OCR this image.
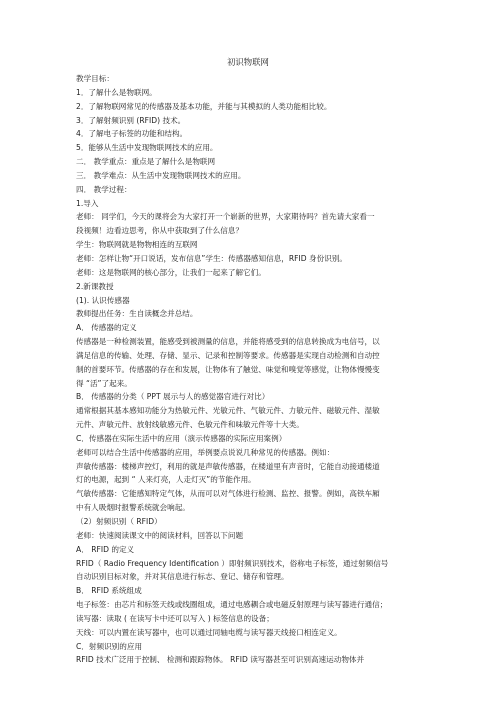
初识物联网
教学目标：
1．了解什么是物联网。
2．了解物联网常见的传感器及基本功能，并能与其模拟的人类功能相比较。
3．了解射频识别 (RFID) 技术。
4．了解电子标签的功能和结构。
5．能够从生活中发现物联网技术的应用。
二． 教学重点：重点是了解什么是物联网
三． 教学难点：从生活中发现物联网技术的应用。
四． 教学过程：
1.导入
老师： 同学们，今天的课将会为大家打开一个崭新的世界，大家期待吗？首先请大家看一
段视频！边看边思考，你从中获取到了什么信息？
学生：物联网就是物物相连的互联网
老师：怎样让物“开口说话，发布信息”学生：传感器感知信息，RFID 身份识别。
老师：这是物联网的核心部分，让我们一起来了解它们。
2.新课教授
(1). 认识传感器
教师提出任务：生自读概念并总结。
A． 传感器的定义
传感器是一种检测装置，能感受到被测量的信息，并能将感受到的信息转换成为电信号，以
满足信息的传输、处理、存储、显示、记录和控制等要求。传感器是实现自动检测和自动控
制的首要环节。传感器的存在和发展，让物体有了触觉、味觉和嗅觉等感觉，让物体慢慢变
得 “活”了起来。
B． 传感器的分类（ PPT 展示与人的感觉器官进行对比）
通常根据其基本感知功能分为热敏元件、光敏元件、气敏元件、力敏元件、磁敏元件、湿敏
元件、声敏元件、放射线敏感元件、色敏元件和味敏元件等十大类。
C．传感器在实际生活中的应用（演示传感器的实际应用案例）
老师可以结合生活中传感器的应用，举例要点说说几种常见的传感器。例如：
声敏传感器：楼梯声控灯，利用的就是声敏传感器，在楼道里有声音时，它能自动接通楼道
灯的电源，起到 “ 人来灯亮，人走灯灭”的节能作用。
气敏传感器：它能感知特定气体，从而可以对气体进行检测、监控、报警。例如，高铁车厢
中有人吸烟时报警系统就会响起。
（2）射频识别（ RFID）
老师：快速阅读课文中的阅读材料，回答以下问题
A． RFID 的定义
RFID（ Radio Frequency Identification ）即射频识别技术，俗称电子标签，通过射频信号
自动识别目标对象，并对其信息进行标志、登记、储存和管理。
B． RFID 系统组成
电子标签：由芯片和标签天线或线圈组成，通过电感耦合或电磁反射原理与读写器进行通信；
读写器：读取 ( 在读写卡中还可以写入 ) 标签信息的设备；
天线：可以内置在读写器中，也可以通过同轴电缆与读写器天线接口相连定义。
C．射频识别的应用
RFID 技术广泛用于控制、 检测和跟踪物体。 RFID 读写器甚至可识别高速运动物体并
